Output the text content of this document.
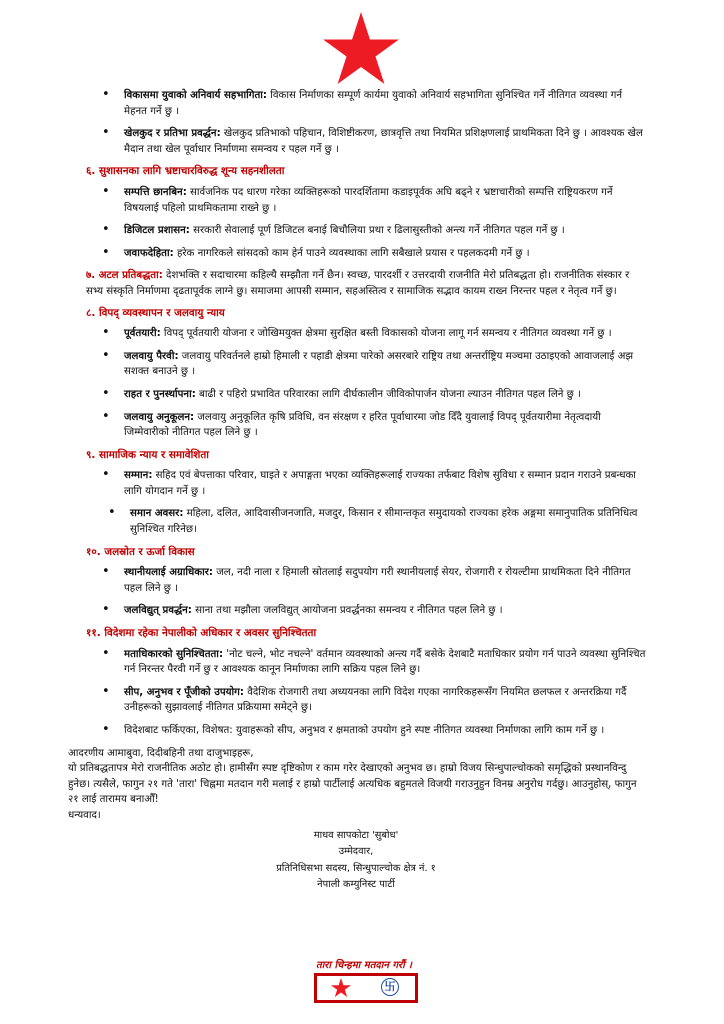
• विकासमा युवाको अनिवार्य सहभागिता: विकास निर्माणका सम्पूर्ण कार्यमा युवाको अनिवार्य सहभागिता सुनिश्चित गर्ने नीतिगत व्यवस्था गर्न मेहनत गर्ने छु ।
• खेलकुद र प्रतिभा प्रवर्द्धन: खेलकुद प्रतिभाको पहिचान, विशिष्टीकरण, छात्रवृत्ति तथा नियमित प्रशिक्षणलाई प्राथमिकता दिने छु । आवश्यक खेल मैदान तथा खेल पूर्वाधार निर्माणमा समन्वय र पहल गर्ने छु ।
६. सुशासनका लागि भ्रष्टाचारविरुद्ध शून्य सहनशीलता
• सम्पत्ति छानबिन: सार्वजनिक पद धारण गरेका व्यक्तिहरूको पारदर्शितामा कडाइपूर्वक अघि बढ्ने र भ्रष्टाचारीको सम्पत्ति राष्ट्रियकरण गर्ने विषयलाई पहिलो प्राथमिकतामा राख्ने छु ।
• डिजिटल प्रशासन: सरकारी सेवालाई पूर्ण डिजिटल बनाई बिचौलिया प्रथा र ढिलासुस्तीको अन्त्य गर्ने नीतिगत पहल गर्ने छु ।
• जवाफदेहिता: हरेक नागरिकले सांसदको काम हेर्न पाउने व्यवस्थाका लागि सबैखाले प्रयास र पहलकदमी गर्ने छु ।
७. अटल प्रतिबद्धता: देशभक्ति र सदाचारमा कहिल्यै सम्झौता गर्ने छैन। स्वच्छ, पारदर्शी र उत्तरदायी राजनीति मेरो प्रतिबद्धता हो। राजनीतिक संस्कार र सभ्य संस्कृति निर्माणमा दृढतापूर्वक लाग्ने छु। समाजमा आपसी सम्मान, सहअस्तित्व र सामाजिक सद्भाव कायम राख्न निरन्तर पहल र नेतृत्व गर्ने छु।
८. विपद् व्यवस्थापन र जलवायु न्याय
• पूर्वतयारी: विपद् पूर्वतयारी योजना र जोखिमयुक्त क्षेत्रमा सुरक्षित बस्ती विकासको योजना लागू गर्न समन्वय र नीतिगत व्यवस्था गर्ने छु ।
• जलवायु पैरवी: जलवायु परिवर्तनले हाम्रो हिमाली र पहाडी क्षेत्रमा पारेको असरबारे राष्ट्रिय तथा अन्तर्राष्ट्रिय मञ्चमा उठाइएको आवाजलाई अझ सशक्त बनाउने छु ।
• राहत र पुनर्स्थापना: बाढी र पहिरो प्रभावित परिवारका लागि दीर्घकालीन जीविकोपार्जन योजना ल्याउन नीतिगत पहल लिने छु ।
• जलवायु अनुकूलन: जलवायु अनुकूलित कृषि प्रविधि, वन संरक्षण र हरित पूर्वाधारमा जोड दिँदै युवालाई विपद् पूर्वतयारीमा नेतृत्वदायी जिम्मेवारीको नीतिगत पहल लिने छु ।
९. सामाजिक न्याय र समावेशिता
• सम्मान: सहिद एवं बेपत्ताका परिवार, घाइते र अपाङ्गता भएका व्यक्तिहरूलाई राज्यका तर्फबाट विशेष सुविधा र सम्मान प्रदान गराउने प्रबन्धका लागि योगदान गर्ने छु ।
• समान अवसर: महिला, दलित, आदिवासीजनजाति, मजदुर, किसान र सीमान्तकृत समुदायको राज्यका हरेक अङ्गमा समानुपातिक प्रतिनिधित्व सुनिश्चित गरिनेछ।
१०. जलस्रोत र ऊर्जा विकास
• स्थानीयलाई अग्राधिकार: जल, नदी नाला र हिमाली स्रोतलाई सदुपयोग गरी स्थानीयलाई सेयर, रोजगारी र रोयल्टीमा प्राथमिकता दिने नीतिगत पहल लिने छु ।
• जलविद्युत् प्रवर्द्धन: साना तथा मझौला जलविद्युत् आयोजना प्रवर्द्धनका समन्वय र नीतिगत पहल लिने छु ।
११. विदेशमा रहेका नेपालीको अधिकार र अवसर सुनिश्चितता
• मताधिकारको सुनिश्चितता: 'नोट चल्ने, भोट नचल्ने' वर्तमान व्यवस्थाको अन्त्य गर्दै बसेके देशबाटै मताधिकार प्रयोग गर्न पाउने व्यवस्था सुनिश्चित गर्न निरन्तर पैरवी गर्ने छु र आवश्यक कानून निर्माणका लागि सक्रिय पहल लिने छु।
• सीप, अनुभव र पूँजीको उपयोग: वैदेशिक रोजगारी तथा अध्ययनका लागि विदेश गएका नागरिकहरूसँग नियमित छलफल र अन्तरक्रिया गर्दै उनीहरूको सुझावलाई नीतिगत प्रक्रियामा समेट्ने छु।
• विदेशबाट फर्किएका, विशेषत: युवाहरूको सीप, अनुभव र क्षमताको उपयोग हुने स्पष्ट नीतिगत व्यवस्था निर्माणका लागि काम गर्ने छु ।
आदरणीय आमाबुवा, दिदीबहिनी तथा दाजुभाइहरू,
यो प्रतिबद्धतापत्र मेरो राजनीतिक अठोट हो। हामीसँग स्पष्ट दृष्टिकोण र काम गरेर देखाएको अनुभव छ। हाम्रो विजय सिन्धुपाल्चोकको समृद्धिको प्रस्थानविन्दु हुनेछ। त्यसैले, फागुन २१ गते 'तारा' चिह्नमा मतदान गरी मलाई र हाम्रो पार्टीलाई अत्यधिक बहुमतले विजयी गराउनुहुन विनम्र अनुरोध गर्दछु। आउनुहोस्, फागुन २१ लाई तारामय बनाऔँ!
धन्यवाद।
माधव सापकोटा 'सुबोध'
उम्मेदवार,
प्रतिनिधिसभा सदस्य, सिन्धुपाल्चोक क्षेत्र नं. १
नेपाली कम्युनिस्ट पार्टी
तारा चिन्हमा मतदान गरौं ।
卐
